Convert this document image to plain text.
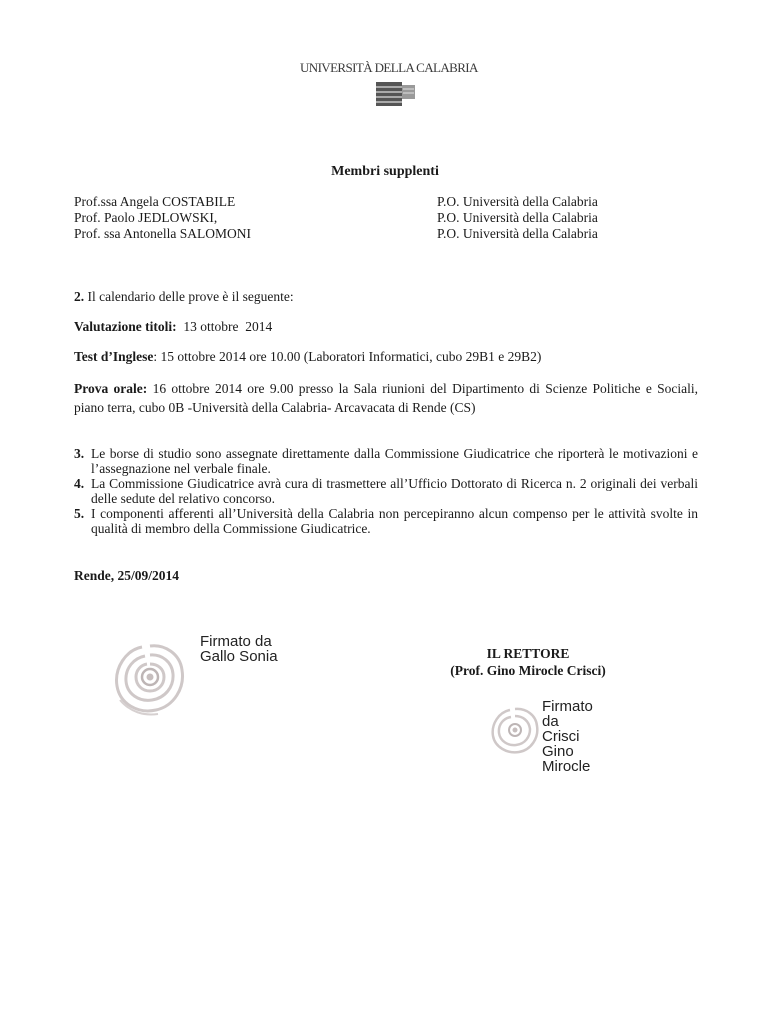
UNIVERSITÀ DELLA CALABRIA
Membri supplenti
Prof.ssa Angela COSTABILE	P.O. Università della Calabria
Prof. Paolo JEDLOWSKI,	P.O. Università della Calabria
Prof. ssa Antonella SALOMONI	P.O. Università della Calabria
2. Il calendario delle prove è il seguente:
Valutazione titoli:  13 ottobre  2014
Test d’Inglese: 15 ottobre 2014 ore 10.00 (Laboratori Informatici, cubo 29B1 e 29B2)
Prova orale: 16 ottobre 2014 ore 9.00 presso la Sala riunioni del Dipartimento di Scienze Politiche e Sociali, piano terra, cubo 0B -Università della Calabria- Arcavacata di Rende (CS)
3. Le borse di studio sono assegnate direttamente dalla Commissione Giudicatrice che riporterà le motivazioni e l’assegnazione nel verbale finale.
4. La Commissione Giudicatrice avrà cura di trasmettere all’Ufficio Dottorato di Ricerca n. 2 originali dei verbali delle sedute del relativo concorso.
5. I componenti afferenti all’Università della Calabria non percepiranno alcun compenso per le attività svolte in qualità di membro della Commissione Giudicatrice.
Rende, 25/09/2014
Firmato da
Gallo Sonia	IL RETTORE
(Prof. Gino Mirocle Crisci)
Firmato
da
Crisci
Gino
Mirocle
